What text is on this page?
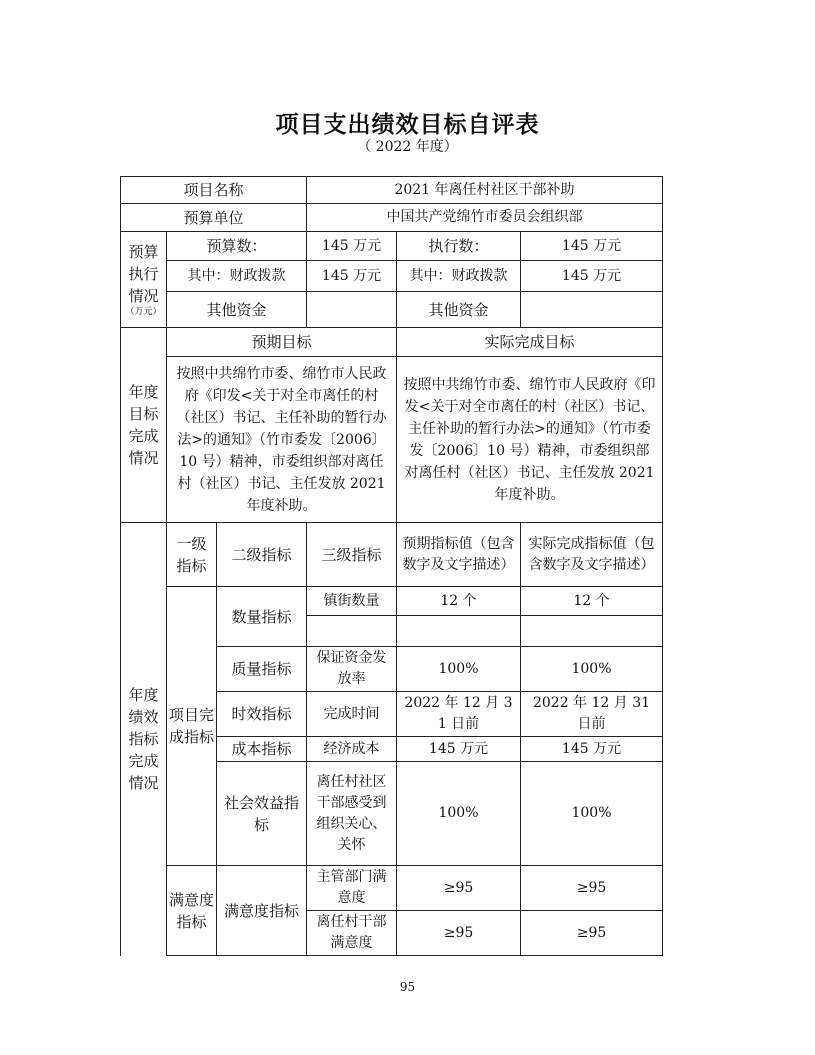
项目支出绩效目标自评表
（ 2022 年度）
项目名称			2021 年离任村社区干部补助		
预算单位			中国共产党绵竹市委员会组织部		
预算执行情况
（万元）	预算数：		145 万元	执行数：	145 万元
	其中：财政拨款		145 万元	其中：财政拨款	145 万元
	其他资金			其他资金	
年度目标完成情况	预期目标			实际完成目标	
	按照中共绵竹市委、绵竹市人民政府《印发<关于对全市离任的村（社区）书记、主任补助的暂行办法>的通知》（竹市委发〔2006〕10 号）精神，市委组织部对离任村（社区）书记、主任发放 2021 年度补助。			按照中共绵竹市委、绵竹市人民政府《印发<关于对全市离任的村（社区）书记、主任补助的暂行办法>的通知》（竹市委发〔2006〕10 号）精神，市委组织部对离任村（社区）书记、主任发放 2021 年度补助。	
年度绩效指标完成情况	一级指标	二级指标	三级指标	预期指标值（包含数字及文字描述）	实际完成指标值（包含数字及文字描述）
	项目完成指标	数量指标	镇街数量	12 个	12 个

		质量指标	保证资金发放率	100%	100%
		时效指标	完成时间	2022 年 12 月 31 日前	2022 年 12 月 31 日前
		成本指标	经济成本	145 万元	145 万元
		社会效益指标	离任村社区干部感受到组织关心、关怀	100%	100%
	满意度指标	满意度指标	主管部门满意度	≥95	≥95
			离任村干部满意度	≥95	≥95
95
